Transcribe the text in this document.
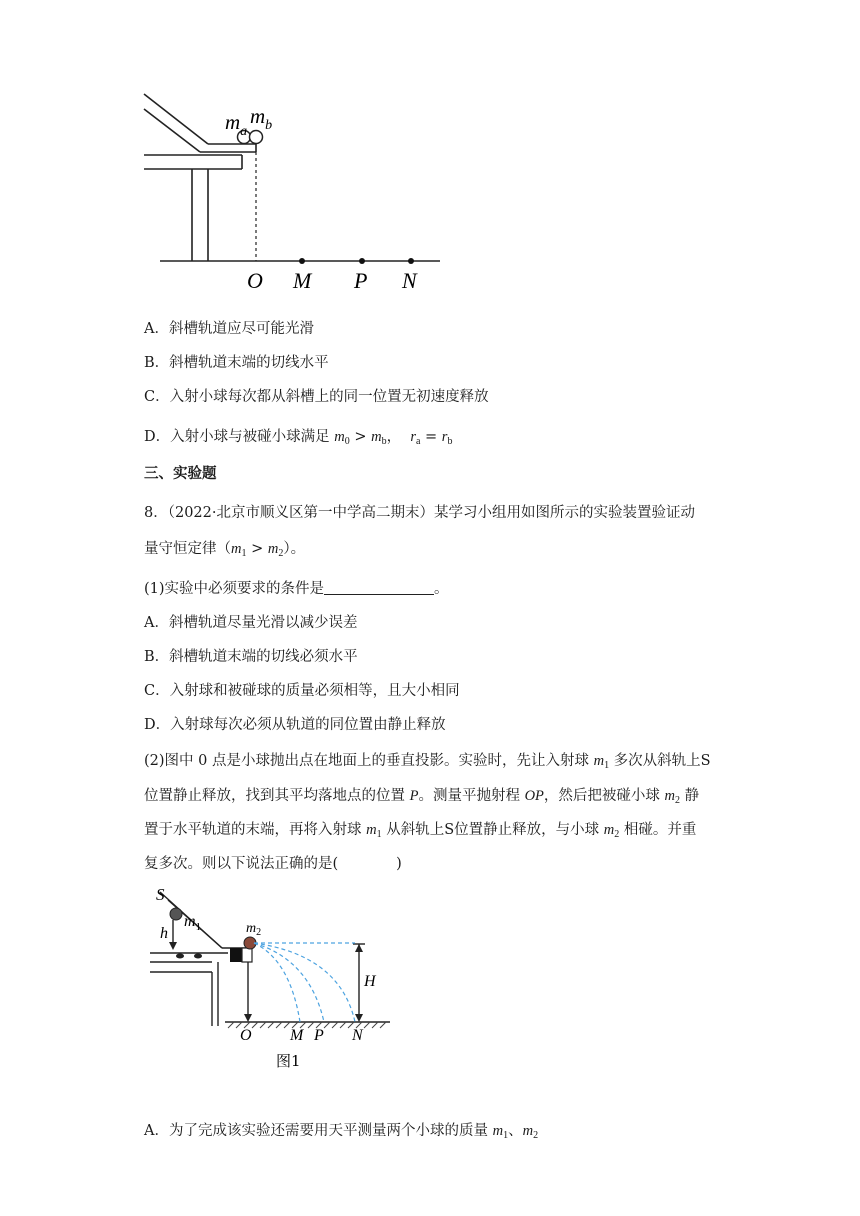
$m_a$
$m_b$
O M P N
A．斜槽轨道应尽可能光滑
B．斜槽轨道末端的切线水平
C．入射小球每次都从斜槽上的同一位置无初速度释放
D．入射小球与被碰小球满足 $m_0 > m_b$， $r_a = r_b$
三、实验题
8．（2022·北京市顺义区第一中学高二期末）某学习小组用如图所示的实验装置验证动
量守恒定律$(m_1 > m_2)$。
(1)实验中必须要求的条件是	。
A．斜槽轨道尽量光滑以减少误差
B．斜槽轨道末端的切线必须水平
C．入射球和被碰球的质量必须相等，且大小相同
D．入射球每次必须从轨道的同位置由静止释放
(2)图中 0 点是小球抛出点在地面上的垂直投影。实验时，先让入射球 $m_1$ 多次从斜轨上S
位置静止释放，找到其平均落地点的位置 P。测量平抛射程 OP，然后把被碰小球 $m_2$ 静
置于水平轨道的末端，再将入射球 $m_1$ 从斜轨上S位置静止释放，与小球 $m_2$ 相碰。并重
复多次。则以下说法正确的是(	)
S
$m_1$	$m_2$
h
H
O M P N
图1
A．为了完成该实验还需要用天平测量两个小球的质量 $m_1$、$m_2$
